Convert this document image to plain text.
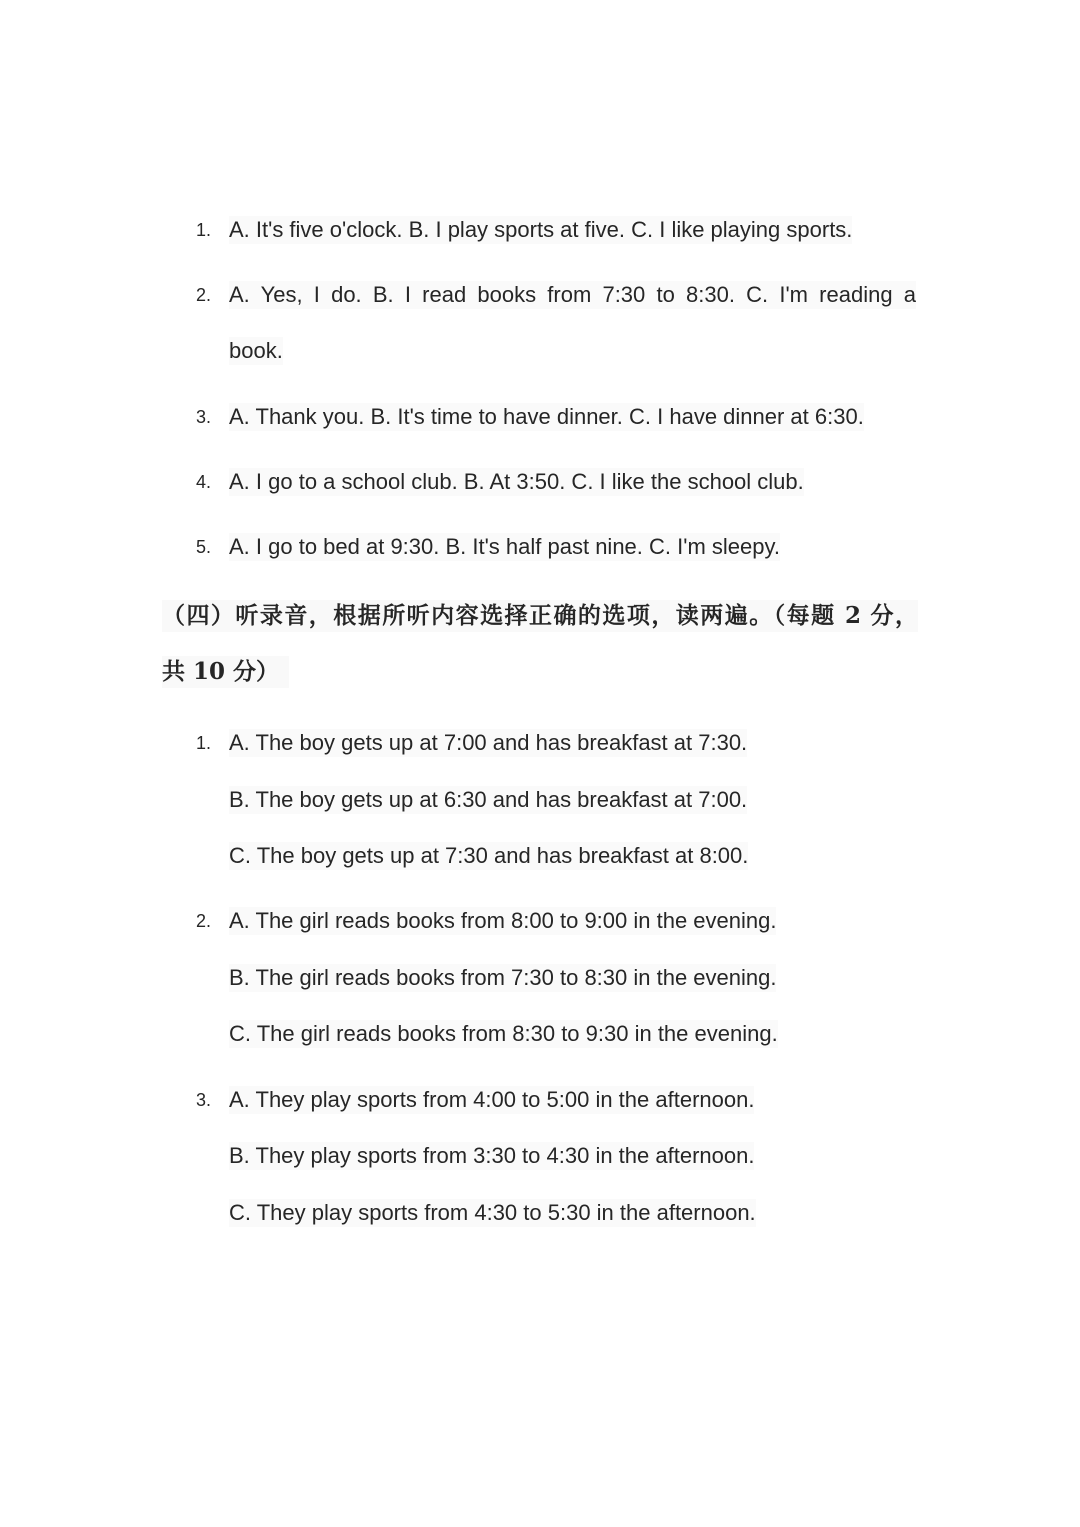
1. A. It's five o'clock. B. I play sports at five. C. I like playing sports.
2. A. Yes, I do. B. I read books from 7:30 to 8:30. C. I'm reading a
book.
3. A. Thank you. B. It's time to have dinner. C. I have dinner at 6:30.
4. A. I go to a school club. B. At 3:50. C. I like the school club.
5. A. I go to bed at 9:30. B. It's half past nine. C. I'm sleepy.
（四）听录音，根据所听内容选择正确的选项，读两遍。（每题 2 分，
共 10 分）
1. A. The boy gets up at 7:00 and has breakfast at 7:30.
B. The boy gets up at 6:30 and has breakfast at 7:00.
C. The boy gets up at 7:30 and has breakfast at 8:00.
2. A. The girl reads books from 8:00 to 9:00 in the evening.
B. The girl reads books from 7:30 to 8:30 in the evening.
C. The girl reads books from 8:30 to 9:30 in the evening.
3. A. They play sports from 4:00 to 5:00 in the afternoon.
B. They play sports from 3:30 to 4:30 in the afternoon.
C. They play sports from 4:30 to 5:30 in the afternoon.
